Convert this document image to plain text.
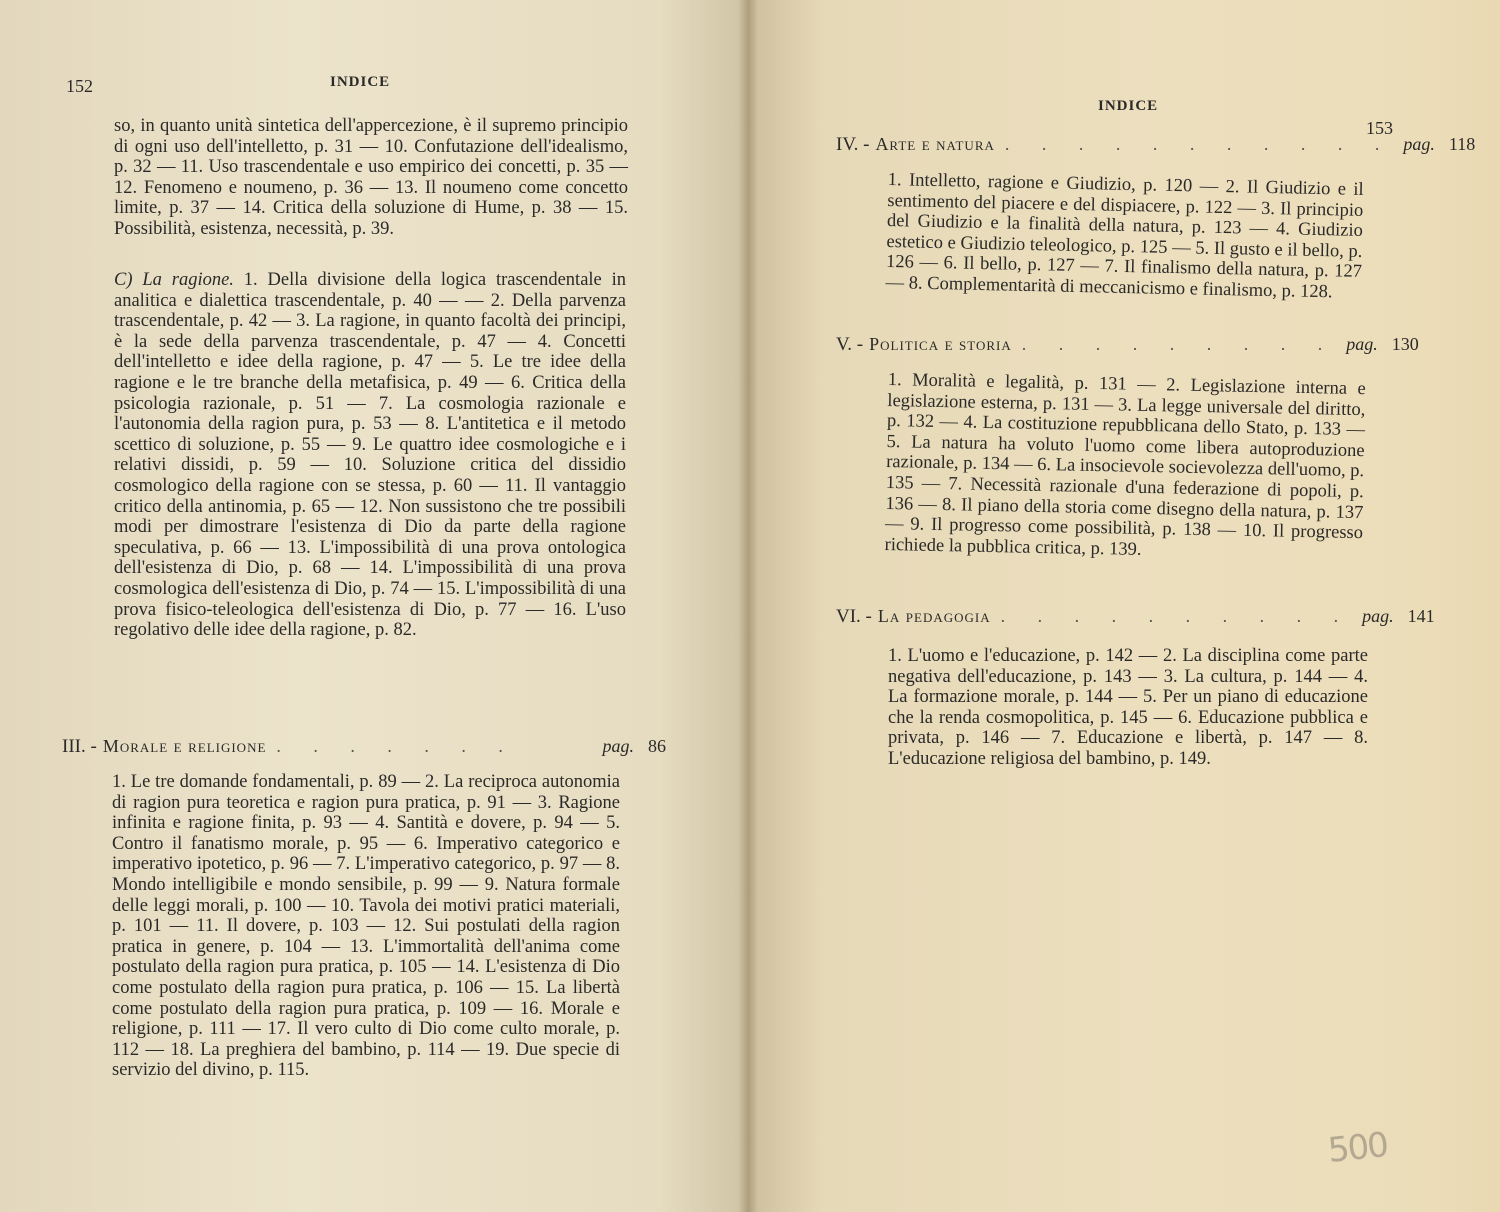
152	INDICE

so, in quanto unità sintetica dell'appercezione, è il supremo principio di ogni uso dell'intelletto, p. 31 — 10. Confutazione dell'idealismo, p. 32 — 11. Uso trascendentale e uso empirico dei concetti, p. 35 — 12. Fenomeno e noumeno, p. 36 — 13. Il noumeno come concetto limite, p. 37 — 14. Critica della soluzione di Hume, p. 38 — 15. Possibilità, esistenza, necessità, p. 39.

C) La ragione. 1. Della divisione della logica trascendentale in analitica e dialettica trascendentale, p. 40 — — 2. Della parvenza trascendentale, p. 42 — 3. La ragione, in quanto facoltà dei principi, è la sede della parvenza trascendentale, p. 47 — 4. Concetti dell'intelletto e idee della ragione, p. 47 — 5. Le tre idee della ragione e le tre branche della metafisica, p. 49 — 6. Critica della psicologia razionale, p. 51 — 7. La cosmologia razionale e l'autonomia della ragion pura, p. 53 — 8. L'antitetica e il metodo scettico di soluzione, p. 55 — 9. Le quattro idee cosmologiche e i relativi dissidi, p. 59 — 10. Soluzione critica del dissidio cosmologico della ragione con se stessa, p. 60 — 11. Il vantaggio critico della antinomia, p. 65 — 12. Non sussistono che tre possibili modi per dimostrare l'esistenza di Dio da parte della ragione speculativa, p. 66 — 13. L'impossibilità di una prova ontologica dell'esistenza di Dio, p. 68 — 14. L'impossibilità di una prova cosmologica dell'esistenza di Dio, p. 74 — 15. L'impossibilità di una prova fisico-teleologica dell'esistenza di Dio, p. 77 — 16. L'uso regolativo delle idee della ragione, p. 82.

III. - Morale e religione . . . . . . .	pag. 86

1. Le tre domande fondamentali, p. 89 — 2. La reciproca autonomia di ragion pura teoretica e ragion pura pratica, p. 91 — 3. Ragione infinita e ragione finita, p. 93 — 4. Santità e dovere, p. 94 — 5. Contro il fanatismo morale, p. 95 — 6. Imperativo categorico e imperativo ipotetico, p. 96 — 7. L'imperativo categorico, p. 97 — 8. Mondo intelligibile e mondo sensibile, p. 99 — 9. Natura formale delle leggi morali, p. 100 — 10. Tavola dei motivi pratici materiali, p. 101 — 11. Il dovere, p. 103 — 12. Sui postulati della ragion pratica in genere, p. 104 — 13. L'immortalità dell'anima come postulato della ragion pura pratica, p. 105 — 14. L'esistenza di Dio come postulato della ragion pura pratica, p. 106 — 15. La libertà come postulato della ragion pura pratica, p. 109 — 16. Morale e religione, p. 111 — 17. Il vero culto di Dio come culto morale, p. 112 — 18. La preghiera del bambino, p. 114 — 19. Due specie di servizio del divino, p. 115.

INDICE
153
IV. - Arte e natura . . . . . . . . . . . pag. 118

1. Intelletto, ragione e Giudizio, p. 120 — 2. Il Giudizio e il sentimento del piacere e del dispiacere, p. 122 — 3. Il principio del Giudizio e la finalità della natura, p. 123 — 4. Giudizio estetico e Giudizio teleologico, p. 125 — 5. Il gusto e il bello, p. 126 — 6. Il bello, p. 127 — 7. Il finalismo della natura, p. 127 — 8. Complementarità di meccanicismo e finalismo, p. 128.

V. - Politica e storia . . . . . . . . . pag. 130

1. Moralità e legalità, p. 131 — 2. Legislazione interna e legislazione esterna, p. 131 — 3. La legge universale del diritto, p. 132 — 4. La costituzione repubblicana dello Stato, p. 133 — 5. La natura ha voluto l'uomo come libera autoproduzione razionale, p. 134 — 6. La insocievole socievolezza dell'uomo, p. 135 — 7. Necessità razionale d'una federazione di popoli, p. 136 — 8. Il piano della storia come disegno della natura, p. 137 — 9. Il progresso come possibilità, p. 138 — 10. Il progresso richiede la pubblica critica, p. 139.

VI. - La pedagogia . . . . . . . . . . pag. 141

1. L'uomo e l'educazione, p. 142 — 2. La disciplina come parte negativa dell'educazione, p. 143 — 3. La cultura, p. 144 — 4. La formazione morale, p. 144 — 5. Per un piano di educazione che la renda cosmopolitica, p. 145 — 6. Educazione pubblica e privata, p. 146 — 7. Educazione e libertà, p. 147 — 8. L'educazione religiosa del bambino, p. 149.

500
